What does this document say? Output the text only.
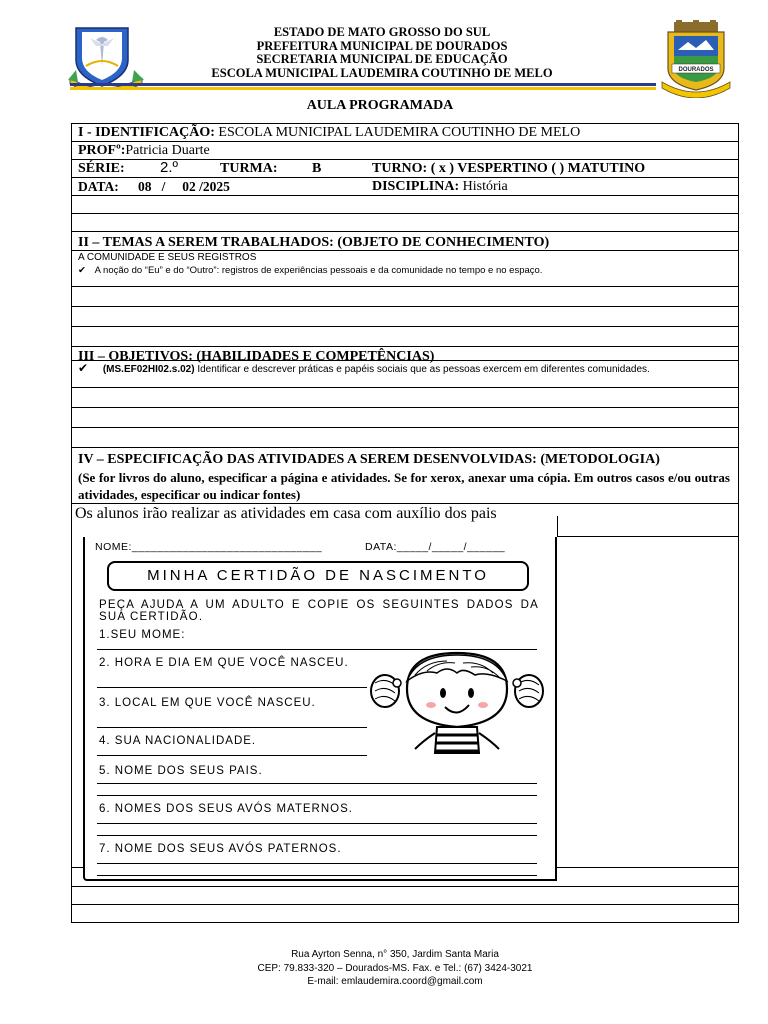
ESTADO DE MATO GROSSO DO SUL
PREFEITURA MUNICIPAL DE DOURADOS
SECRETARIA MUNICIPAL DE EDUCAÇÃO
ESCOLA MUNICIPAL LAUDEMIRA COUTINHO DE MELO	DOURADOS
AULA PROGRAMADA
I - IDENTIFICAÇÃO: ESCOLA MUNICIPAL LAUDEMIRA COUTINHO DE MELO
PROFº:Patricia Duarte
SÉRIE: 2.º	TURMA: B	TURNO: ( x ) VESPERTINO ( ) MATUTINO
DATA: 08   /     02 /2025	DISCIPLINA: História
II – TEMAS A SEREM TRABALHADOS: (OBJETO DE CONHECIMENTO)
A COMUNIDADE E SEUS REGISTROS
✔ A noção do “Eu” e do “Outro”: registros de experiências pessoais e da comunidade no tempo e no espaço.
III – OBJETIVOS: (HABILIDADES E COMPETÊNCIAS)
✔ (MS.EF02HI02.s.02) Identificar e descrever práticas e papéis sociais que as pessoas exercem em diferentes comunidades.
IV – ESPECIFICAÇÃO DAS ATIVIDADES A SEREM DESENVOLVIDAS: (METODOLOGIA)
(Se for livros do aluno, especificar a página e atividades. Se for xerox, anexar uma cópia. Em outros casos e/ou outras atividades, especificar ou indicar fontes)
Os alunos irão realizar as atividades em casa com auxílio dos pais
NOME:______________________________	DATA:_____/_____/______
MINHA CERTIDÃO DE NASCIMENTO
PEÇA AJUDA A UM ADULTO E COPIE OS SEGUINTES DADOS DA SUA CERTIDÃO.
1.SEU MOME:
2. HORA E DIA EM QUE VOCÊ NASCEU.
3. LOCAL EM QUE VOCÊ NASCEU.
4. SUA NACIONALIDADE.
5. NOME DOS SEUS PAIS.
6. NOMES DOS SEUS AVÓS MATERNOS.
7. NOME DOS SEUS AVÓS PATERNOS.
Rua Ayrton Senna, n° 350, Jardim Santa Maria
CEP: 79.833-320 – Dourados-MS. Fax. e Tel.: (67) 3424-3021
E-mail: emlaudemira.coord@gmail.com
